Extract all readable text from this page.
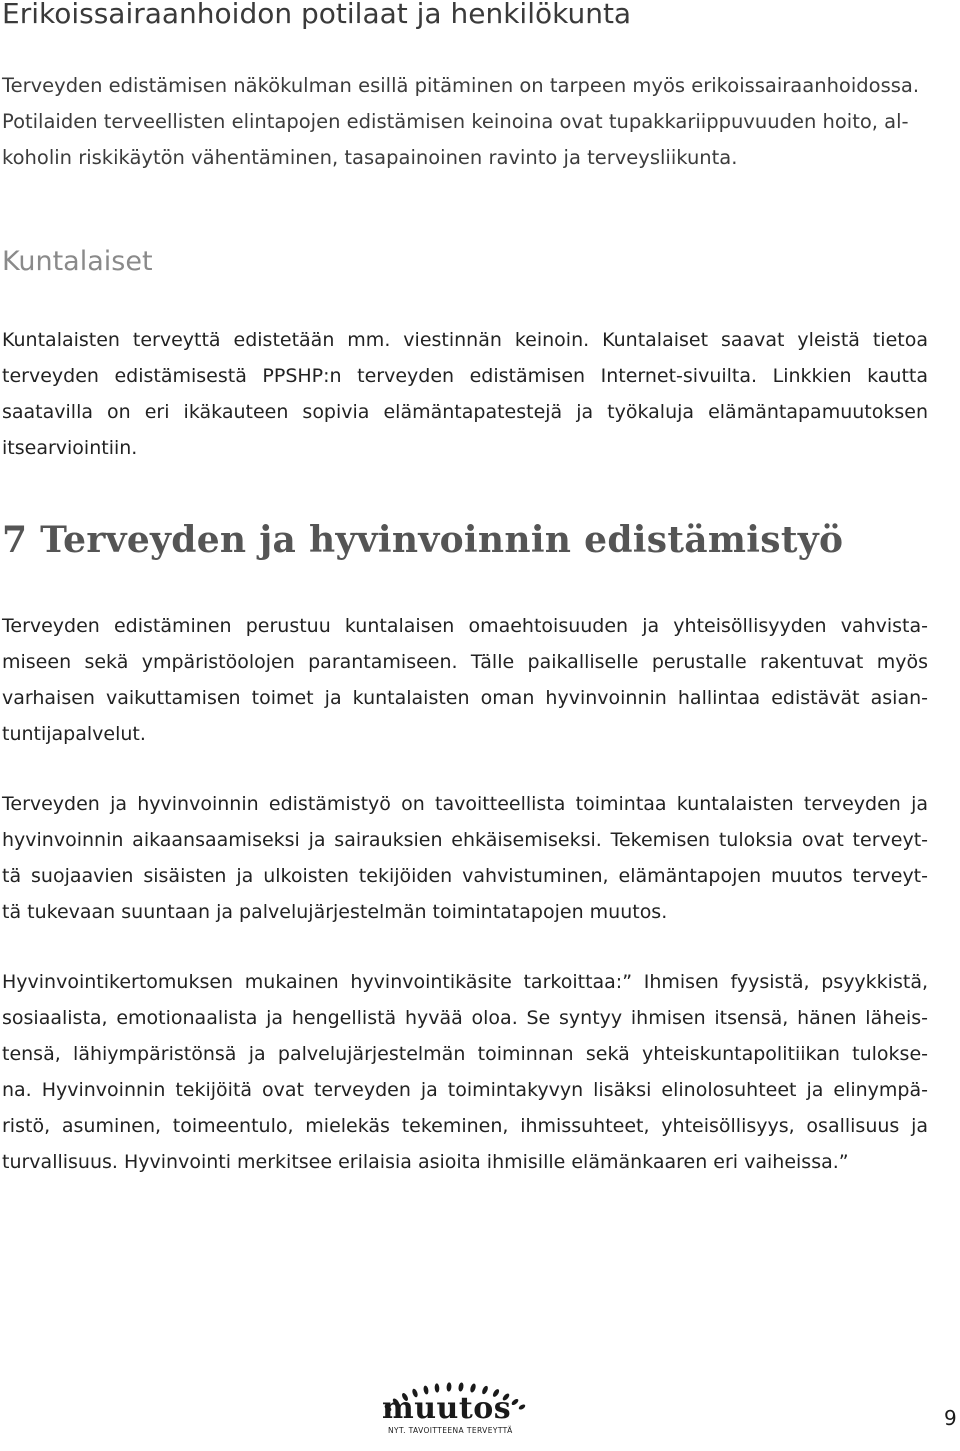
Erikoissairaanhoidon potilaat ja henkilökunta
Terveyden edistämisen näkökulman esillä pitäminen on tarpeen myös erikoissairaanhoidossa.
Potilaiden terveellisten elintapojen edistämisen keinoina ovat tupakkariippuvuuden hoito, al-
koholin riskikäytön vähentäminen, tasapainoinen ravinto ja terveysliikunta.
Kuntalaiset
Kuntalaisten terveyttä edistetään mm. viestinnän keinoin. Kuntalaiset saavat yleistä tietoa
terveyden edistämisestä PPSHP:n terveyden edistämisen Internet-sivuilta. Linkkien kautta
saatavilla on eri ikäkauteen sopivia elämäntapatestejä ja työkaluja elämäntapamuutoksen
itsearviointiin.
7 Terveyden ja hyvinvoinnin edistämistyö
Terveyden edistäminen perustuu kuntalaisen omaehtoisuuden ja yhteisöllisyyden vahvista-
miseen sekä ympäristöolojen parantamiseen. Tälle paikalliselle perustalle rakentuvat myös
varhaisen vaikuttamisen toimet ja kuntalaisten oman hyvinvoinnin hallintaa edistävät asian-
tuntijapalvelut.
Terveyden ja hyvinvoinnin edistämistyö on tavoitteellista toimintaa kuntalaisten terveyden ja
hyvinvoinnin aikaansaamiseksi ja sairauksien ehkäisemiseksi. Tekemisen tuloksia ovat terveyt-
tä suojaavien sisäisten ja ulkoisten tekijöiden vahvistuminen, elämäntapojen muutos terveyt-
tä tukevaan suuntaan ja palvelujärjestelmän toimintatapojen muutos.
Hyvinvointikertomuksen mukainen hyvinvointikäsite tarkoittaa:” Ihmisen fyysistä, psyykkistä,
sosiaalista, emotionaalista ja hengellistä hyvää oloa. Se syntyy ihmisen itsensä, hänen läheis-
tensä, lähiympäristönsä ja palvelujärjestelmän toiminnan sekä yhteiskuntapolitiikan tulokse-
na. Hyvinvoinnin tekijöitä ovat terveyden ja toimintakyvyn lisäksi elinolosuhteet ja elinympä-
ristö, asuminen, toimeentulo, mielekäs tekeminen, ihmissuhteet, yhteisöllisyys, osallisuus ja
turvallisuus. Hyvinvointi merkitsee erilaisia asioita ihmisille elämänkaaren eri vaiheissa.”

muutos

NYT. TAVOITTEENA TERVEYTTÄ

9
